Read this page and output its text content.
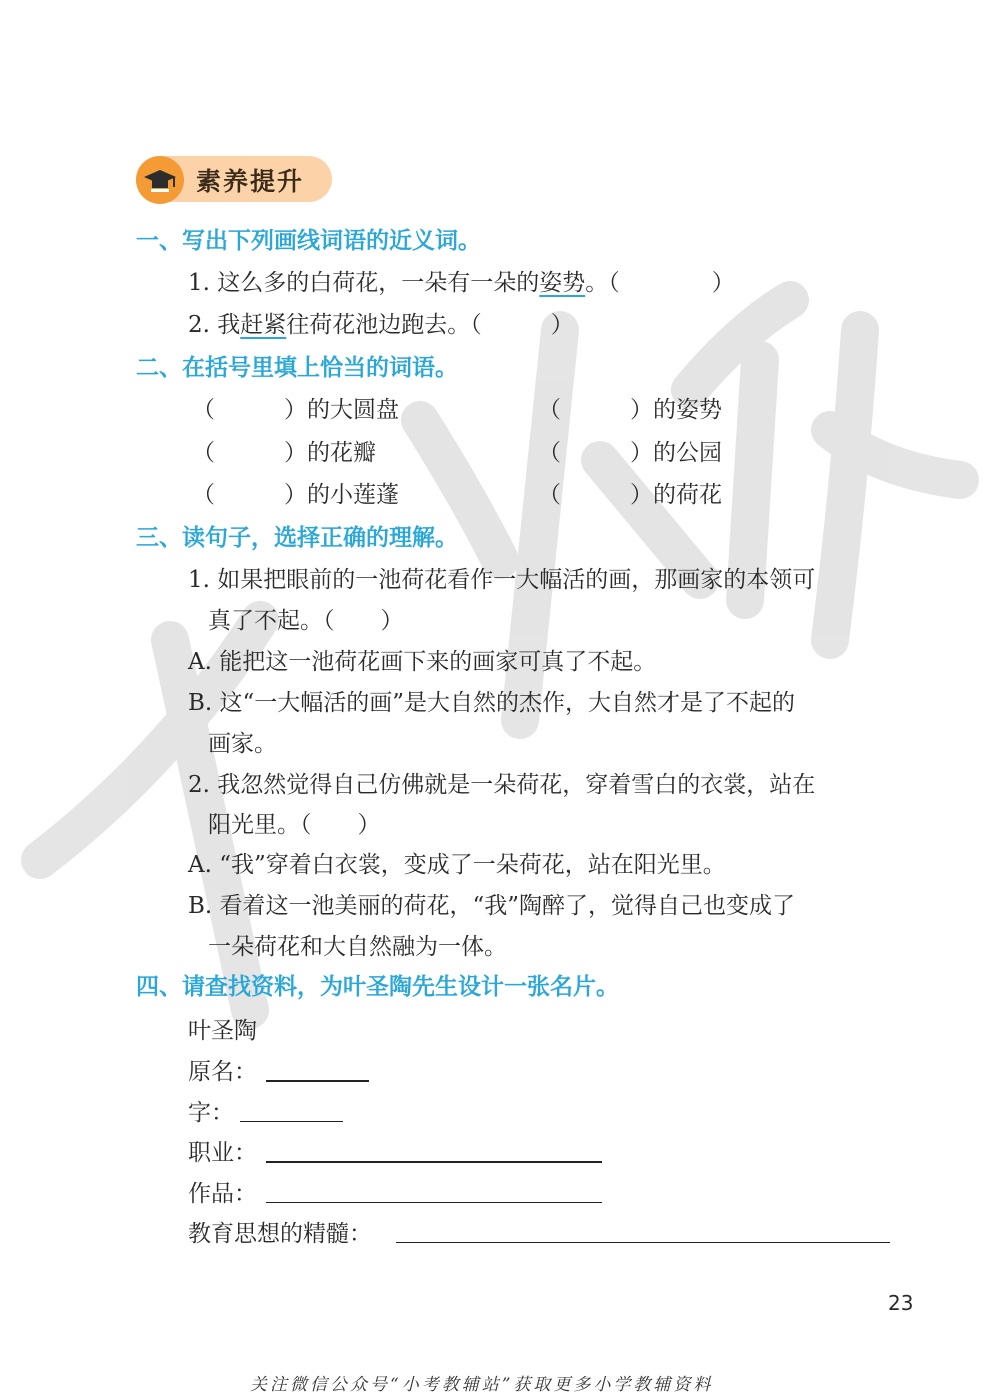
素养提升
一、写出下列画线词语的近义词。
1. 这么多的白荷花，一朵有一朵的姿势。（　　　　）
2. 我赶紧往荷花池边跑去。（　　　）
二、在括号里填上恰当的词语。
（　　　）的大圆盘	（　　　）的姿势
（　　　）的花瓣	（　　　）的公园
（　　　）的小莲蓬	（　　　）的荷花
三、读句子，选择正确的理解。
1. 如果把眼前的一池荷花看作一大幅活的画，那画家的本领可
真了不起。（　　）
A. 能把这一池荷花画下来的画家可真了不起。
B. 这“一大幅活的画”是大自然的杰作，大自然才是了不起的
画家。
2. 我忽然觉得自己仿佛就是一朵荷花，穿着雪白的衣裳，站在
阳光里。（　　）
A. “我”穿着白衣裳，变成了一朵荷花，站在阳光里。
B. 看着这一池美丽的荷花，“我”陶醉了，觉得自己也变成了
一朵荷花和大自然融为一体。
四、请查找资料，为叶圣陶先生设计一张名片。
叶圣陶
原名：
字：
职业：
作品：
教育思想的精髓：
23
关注微信公众号“小考教辅站”获取更多小学教辅资料
